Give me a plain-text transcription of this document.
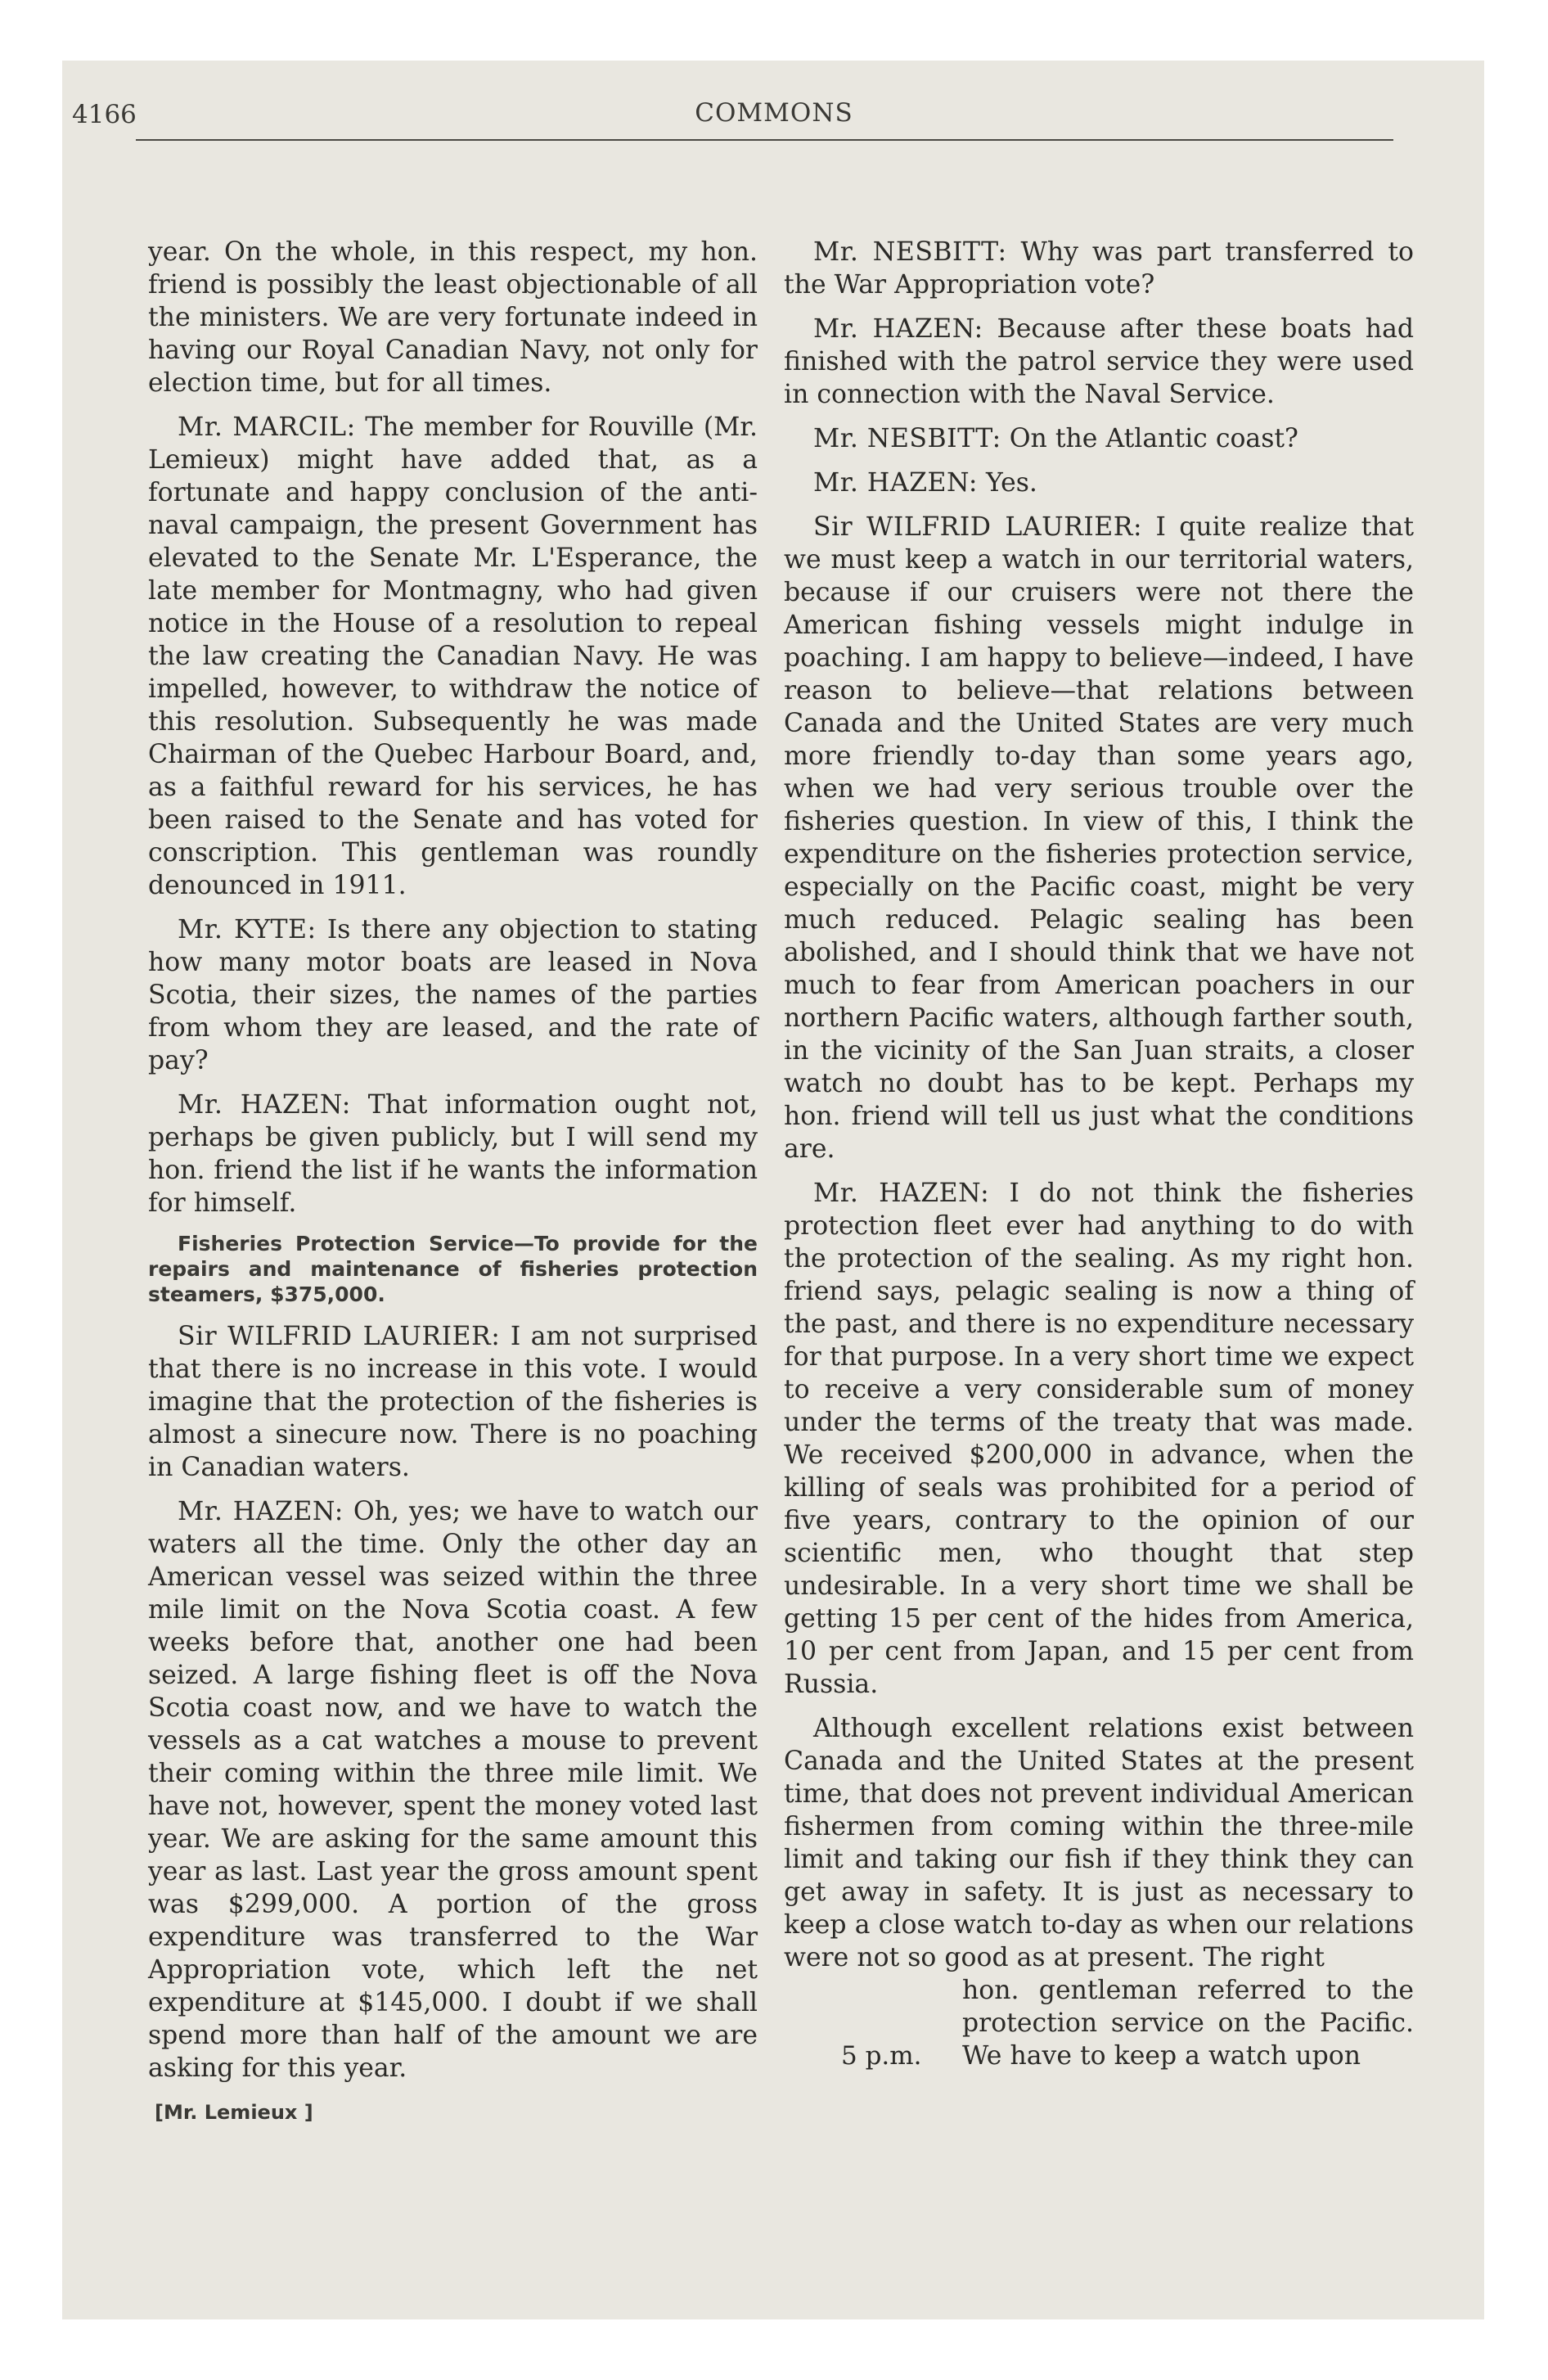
4166	COMMONS

year. On the whole, in this respect, my hon. friend is possibly the least objectionable of all the ministers. We are very fortunate indeed in having our Royal Canadian Navy, not only for election time, but for all times.

Mr. MARCIL: The member for Rouville (Mr. Lemieux) might have added that, as a fortunate and happy conclusion of the anti-naval campaign, the present Government has elevated to the Senate Mr. L'Esperance, the late member for Montmagny, who had given notice in the House of a resolution to repeal the law creating the Canadian Navy. He was impelled, however, to withdraw the notice of this resolution. Subsequently he was made Chairman of the Quebec Harbour Board, and, as a faithful reward for his services, he has been raised to the Senate and has voted for conscription. This gentleman was roundly denounced in 1911.

Mr. KYTE: Is there any objection to stating how many motor boats are leased in Nova Scotia, their sizes, the names of the parties from whom they are leased, and the rate of pay?

Mr. HAZEN: That information ought not, perhaps be given publicly, but I will send my hon. friend the list if he wants the information for himself.

Fisheries Protection Service—To provide for the repairs and maintenance of fisheries protection steamers, $375,000.

Sir WILFRID LAURIER: I am not surprised that there is no increase in this vote. I would imagine that the protection of the fisheries is almost a sinecure now. There is no poaching in Canadian waters.

Mr. HAZEN: Oh, yes; we have to watch our waters all the time. Only the other day an American vessel was seized within the three mile limit on the Nova Scotia coast. A few weeks before that, another one had been seized. A large fishing fleet is off the Nova Scotia coast now, and we have to watch the vessels as a cat watches a mouse to prevent their coming within the three mile limit. We have not, however, spent the money voted last year. We are asking for the same amount this year as last. Last year the gross amount spent was $299,000. A portion of the gross expenditure was transferred to the War Appropriation vote, which left the net expenditure at $145,000. I doubt if we shall spend more than half of the amount we are asking for this year.

[Mr. Lemieux ]

Mr. NESBITT: Why was part transferred to the War Appropriation vote?

Mr. HAZEN: Because after these boats had finished with the patrol service they were used in connection with the Naval Service.

Mr. NESBITT: On the Atlantic coast?

Mr. HAZEN: Yes.

Sir WILFRID LAURIER: I quite realize that we must keep a watch in our territorial waters, because if our cruisers were not there the American fishing vessels might indulge in poaching. I am happy to believe—indeed, I have reason to believe—that relations between Canada and the United States are very much more friendly to-day than some years ago, when we had very serious trouble over the fisheries question. In view of this, I think the expenditure on the fisheries protection service, especially on the Pacific coast, might be very much reduced. Pelagic sealing has been abolished, and I should think that we have not much to fear from American poachers in our northern Pacific waters, although farther south, in the vicinity of the San Juan straits, a closer watch no doubt has to be kept. Perhaps my hon. friend will tell us just what the conditions are.

Mr. HAZEN: I do not think the fisheries protection fleet ever had anything to do with the protection of the sealing. As my right hon. friend says, pelagic sealing is now a thing of the past, and there is no expenditure necessary for that purpose. In a very short time we expect to receive a very considerable sum of money under the terms of the treaty that was made. We received $200,000 in advance, when the killing of seals was prohibited for a period of five years, contrary to the opinion of our scientific men, who thought that step undesirable. In a very short time we shall be getting 15 per cent of the hides from America, 10 per cent from Japan, and 15 per cent from Russia.

Although excellent relations exist between Canada and the United States at the present time, that does not prevent individual American fishermen from coming within the three-mile limit and taking our fish if they think they can get away in safety. It is just as necessary to keep a close watch to-day as when our relations were not so good as at present. The right

5 p.m.
hon. gentleman referred to the protection service on the Pacific. We have to keep a watch upon
